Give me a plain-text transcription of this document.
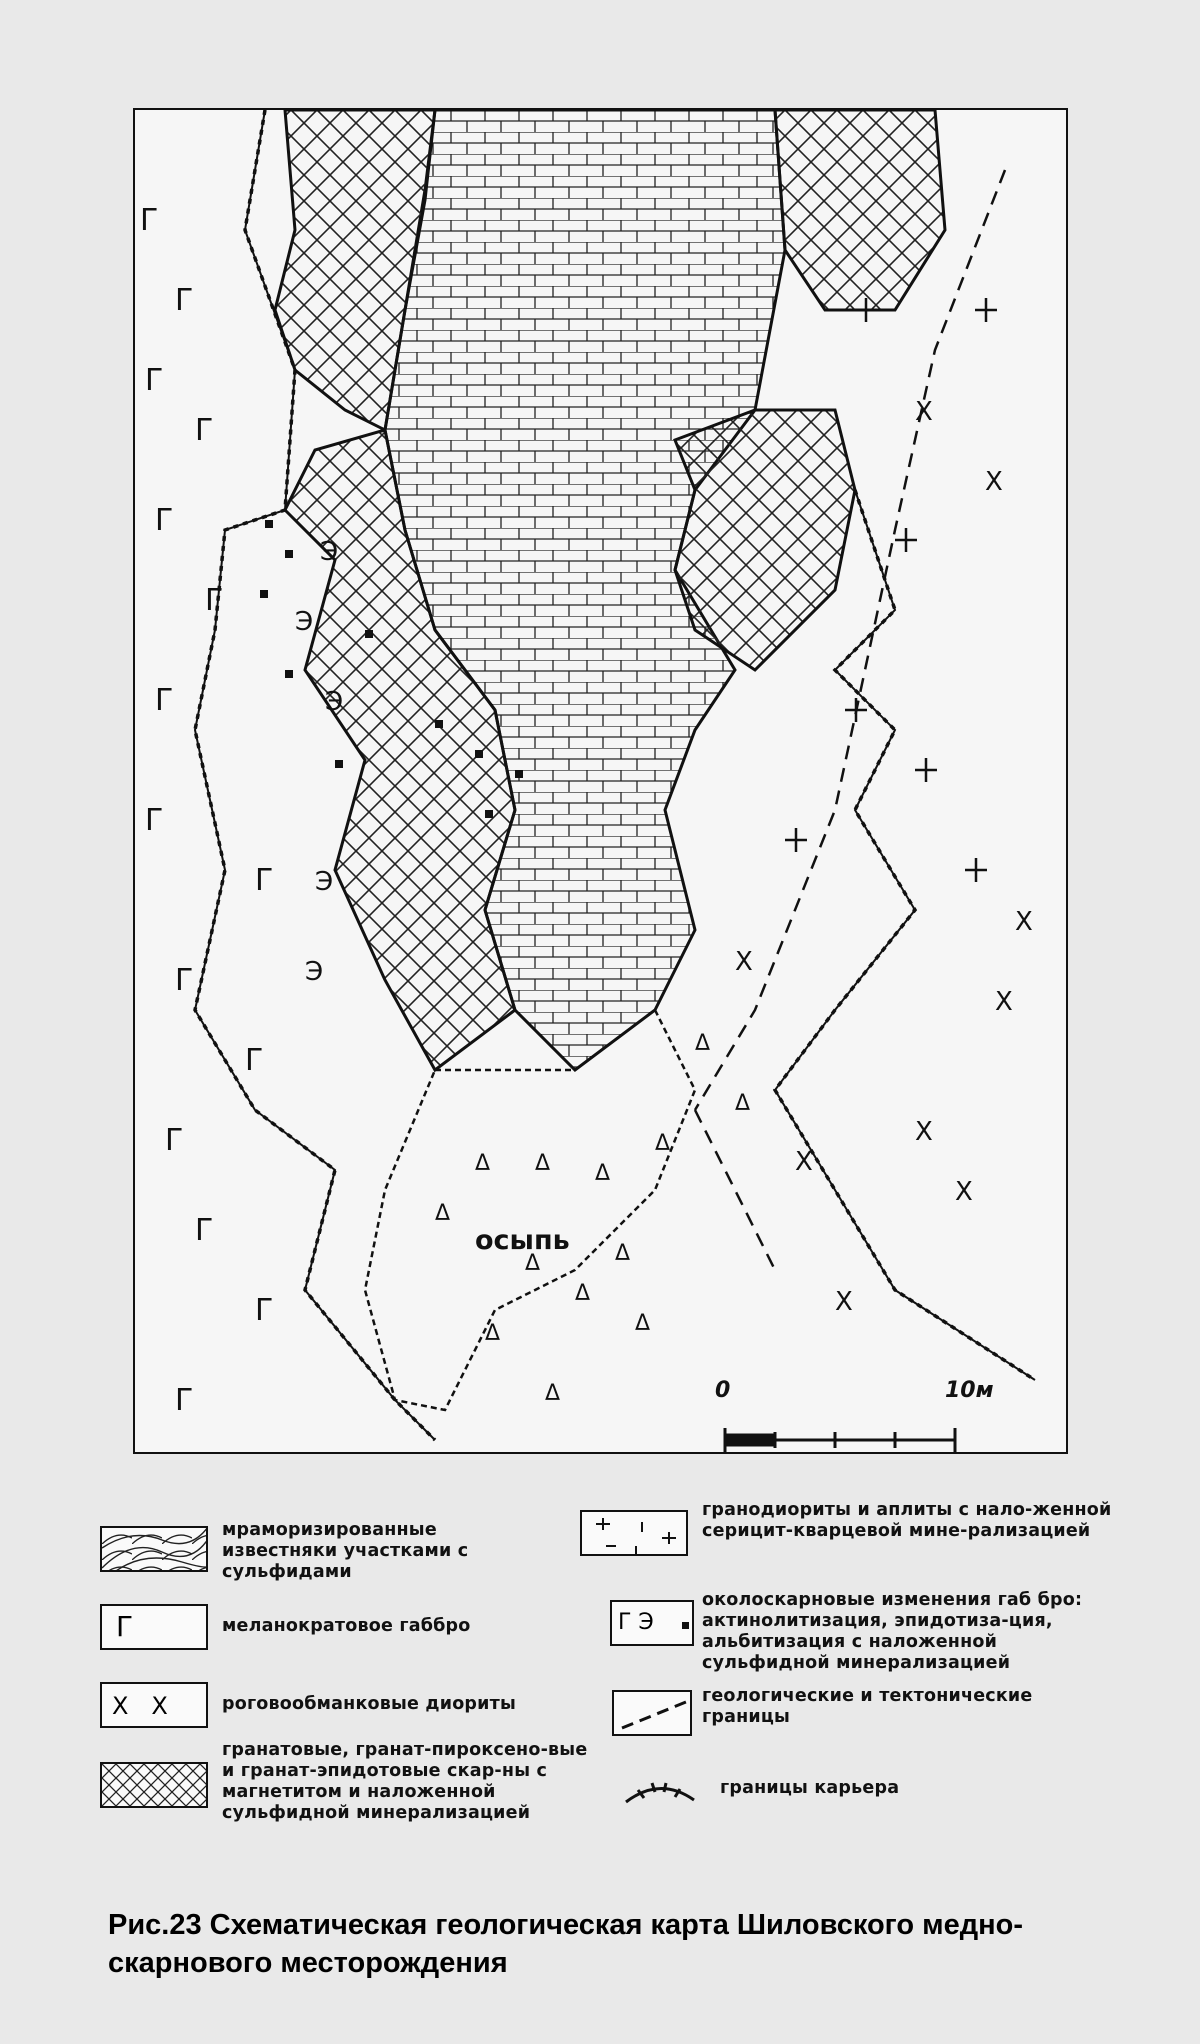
Г
Г
Г
Г
Г
Г
Г
Г
Г
Г
Г
Г
Г
Г
Г
Э
Э
Э
Э
Э
Х
Х
Х
Х
Х
Х
Х
Х
Х
Δ
Δ
Δ
Δ Δ Δ
Δ
Δ
Δ
Δ
Δ
Δ
Δ
осыпь
0	10м
мраморизированные известняки участками с сульфидами
Г	меланократовое габбро
Х   Х	роговообманковые диориты
гранатовые, гранат-пироксено-вые и гранат-эпидотовые скар-ны с магнетитом и наложенной сульфидной минерализацией
гранодиориты и аплиты с нало-женной серицит-кварцевой мине-рализацией
Г Э
околоскарновые изменения габ бро: актинолитизация, эпидотиза-ция, альбитизация с наложенной сульфидной минерализацией
геологические и тектонические границы
границы карьера
Рис.23 Схематическая геологическая карта Шиловского медно-скарнового месторождения
